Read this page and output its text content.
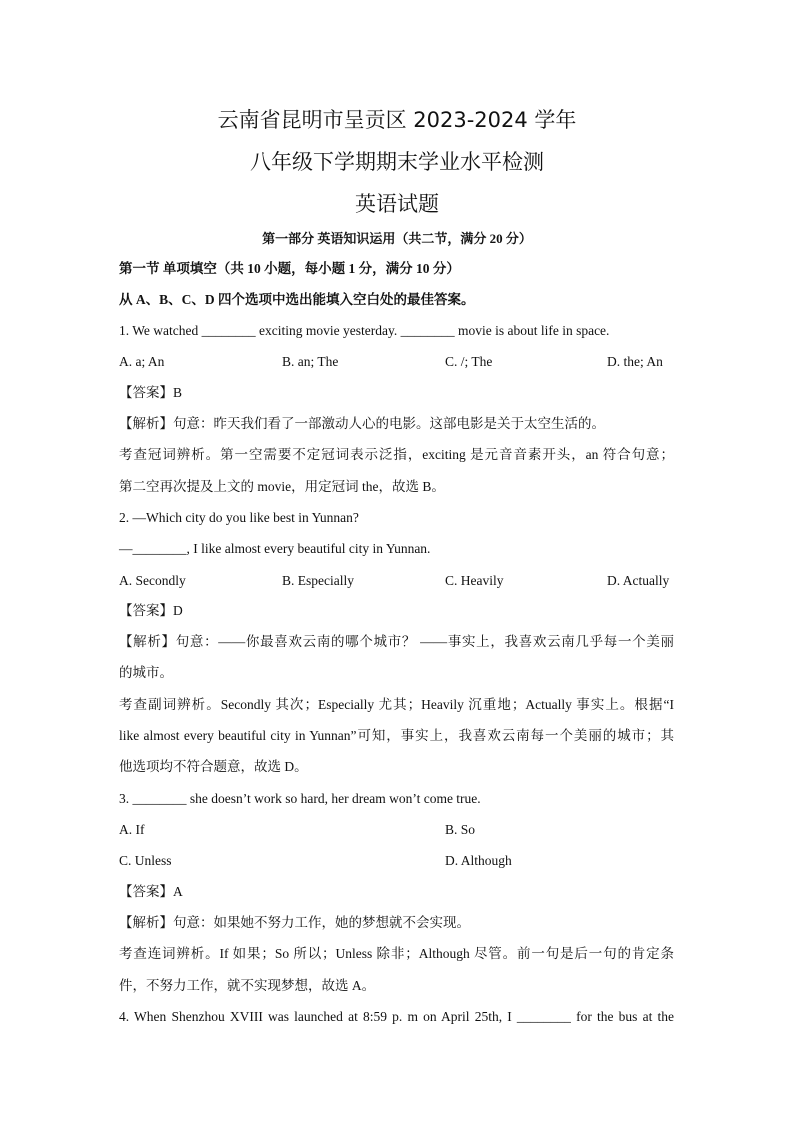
云南省昆明市呈贡区 2023-2024 学年
八年级下学期期末学业水平检测
英语试题
第一部分 英语知识运用（共二节，满分 20 分）
第一节 单项填空（共 10 小题，每小题 1 分，满分 10 分）
从 A、B、C、D 四个选项中选出能填入空白处的最佳答案。
1. We watched ________ exciting movie yesterday. ________ movie is about life in space.
A. a; An	B. an; The	C. /; The	D. the; An
【答案】B
【解析】句意：昨天我们看了一部激动人心的电影。这部电影是关于太空生活的。
考查冠词辨析。第一空需要不定冠词表示泛指，exciting 是元音音素开头，an 符合句意；
第二空再次提及上文的 movie，用定冠词 the，故选 B。
2. —Which city do you like best in Yunnan?
—________, I like almost every beautiful city in Yunnan.
A. Secondly	B. Especially	C. Heavily	D. Actually
【答案】D
【解析】句意：——你最喜欢云南的哪个城市？ ——事实上，我喜欢云南几乎每一个美丽
的城市。
考查副词辨析。Secondly 其次；Especially 尤其；Heavily 沉重地；Actually 事实上。根据“I
like almost every beautiful city in Yunnan”可知，事实上，我喜欢云南每一个美丽的城市；其
他选项均不符合题意，故选 D。
3. ________ she doesn’t work so hard, her dream won’t come true.
A. If	B. So
C. Unless	D. Although
【答案】A
【解析】句意：如果她不努力工作，她的梦想就不会实现。
考查连词辨析。If 如果；So 所以；Unless 除非；Although 尽管。前一句是后一句的肯定条
件，不努力工作，就不实现梦想，故选 A。
4. When Shenzhou XVIII was launched at 8:59 p. m on April 25th, I ________ for the bus at the
